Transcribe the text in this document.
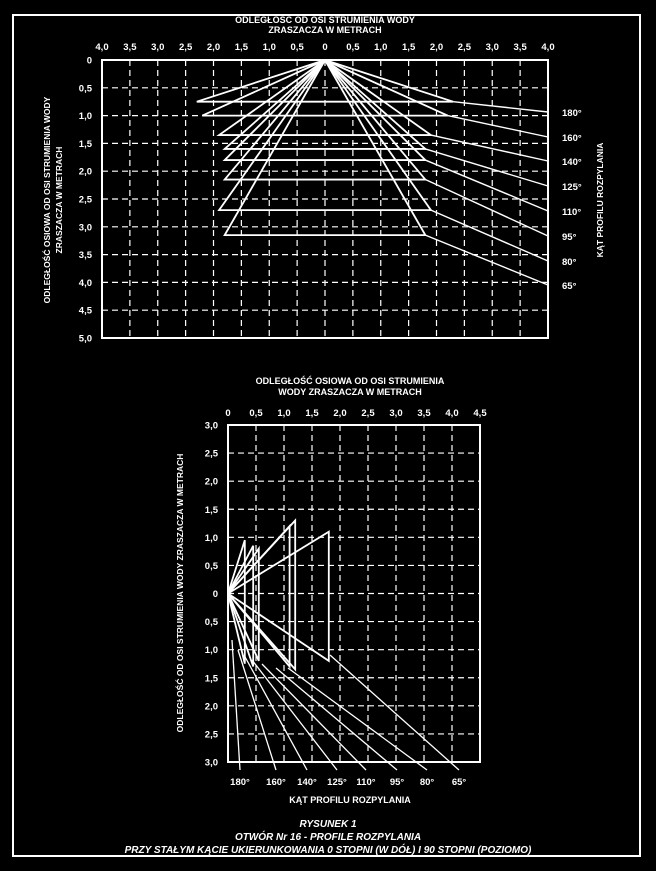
ODLEGŁOŚĆ OD OSI STRUMIENIA WODY
ZRASZACZA W METRACH
4,0 3,5 3,0 2,5 2,0 1,5 1,0 0,5 0 0,5 1,0 1,5 2,0 2,5 3,0 3,5 4,0
0
0,5
1,0
1,5
2,0
2,5
3,0
3,5
4,0
4,5
5,0
ODLEGŁOŚĆ OSIOWA OD OSI STRUMIENIA WODY ZRASZACZA W METRACH	KĄT PROFILU ROZPYLANIA
180°
160°
140°
125°
110°
95°
80°
65°
ODLEGŁOŚĆ OSIOWA OD OSI STRUMIENIA
WODY ZRASZACZA W METRACH
0 0,5 1,0 1,5 2,0 2,5 3,0 3,5 4,0 4,5
3,0
2,5
2,0
1,5
1,0
0,5
0
0,5
1,0
1,5
2,0
2,5
3,0
ODLEGŁOŚĆ OD OSI STRUMIENIA WODY ZRASZACZA W METRACH
KĄT PROFILU ROZPYLANIA
180° 160° 140° 125° 110° 95° 80° 65°
RYSUNEK 1
OTWÓR Nr 16 - PROFILE ROZPYLANIA
PRZY STAŁYM KĄCIE UKIERUNKOWANIA 0 STOPNI (W DÓŁ) I 90 STOPNI (POZIOMO)
